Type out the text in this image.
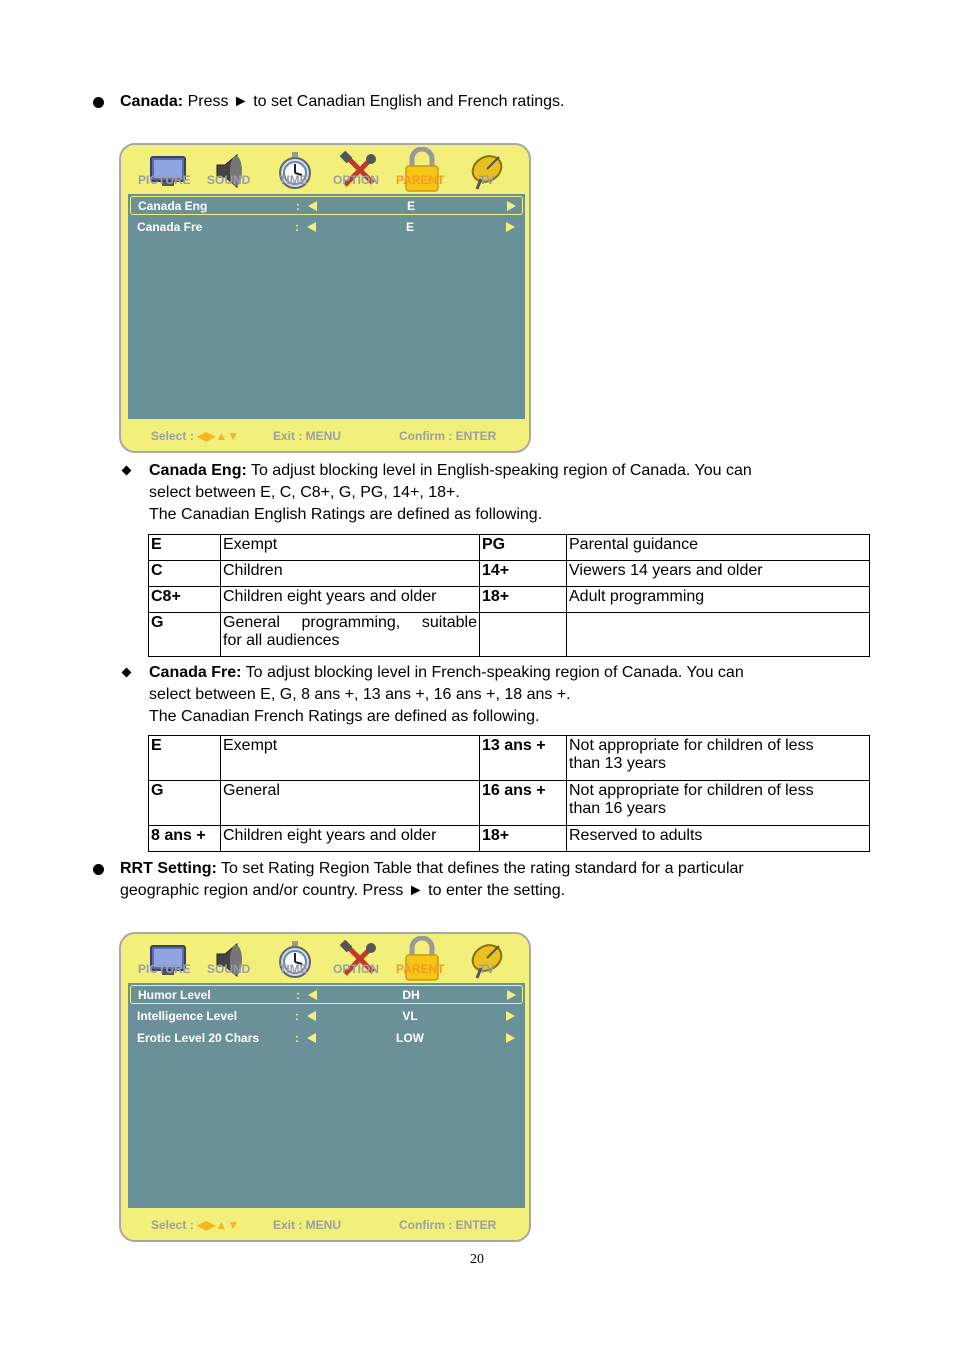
Canada: Press ► to set Canadian English and French ratings.
PICTURE SOUND TIME OPTION PARENT	TV
Canada Eng	:	E
Canada Fre	:	E
Select : ◀▶▲▼	Exit : MENU	Confirm : ENTER
Canada Eng: To adjust blocking level in English-speaking region of Canada. You can
select between E, C, C8+, G, PG, 14+, 18+.
The Canadian English Ratings are defined as following.
E	Exempt	PG	Parental guidance
C	Children	14+	Viewers 14 years and older
C8+	Children eight years and older	18+	Adult programming
G	General programming, suitable
for all audiences		

Canada Fre: To adjust blocking level in French-speaking region of Canada. You can
select between E, G, 8 ans +, 13 ans +, 16 ans +, 18 ans +.
The Canadian French Ratings are defined as following.
E	Exempt	13 ans +	Not appropriate for children of less
than 13 years

G	General	16 ans +	Not appropriate for children of less
than 16 years

8 ans +	Children eight years and older	18+	Reserved to adults
RRT Setting: To set Rating Region Table that defines the rating standard for a particular
geographic region and/or country. Press ► to enter the setting.
PICTURE SOUND TIME OPTION PARENT	TV
Humor Level	:	DH
Intelligence Level	:	VL
Erotic Level 20 Chars	:	LOW
Select : ◀▶▲▼	Exit : MENU	Confirm : ENTER
20
